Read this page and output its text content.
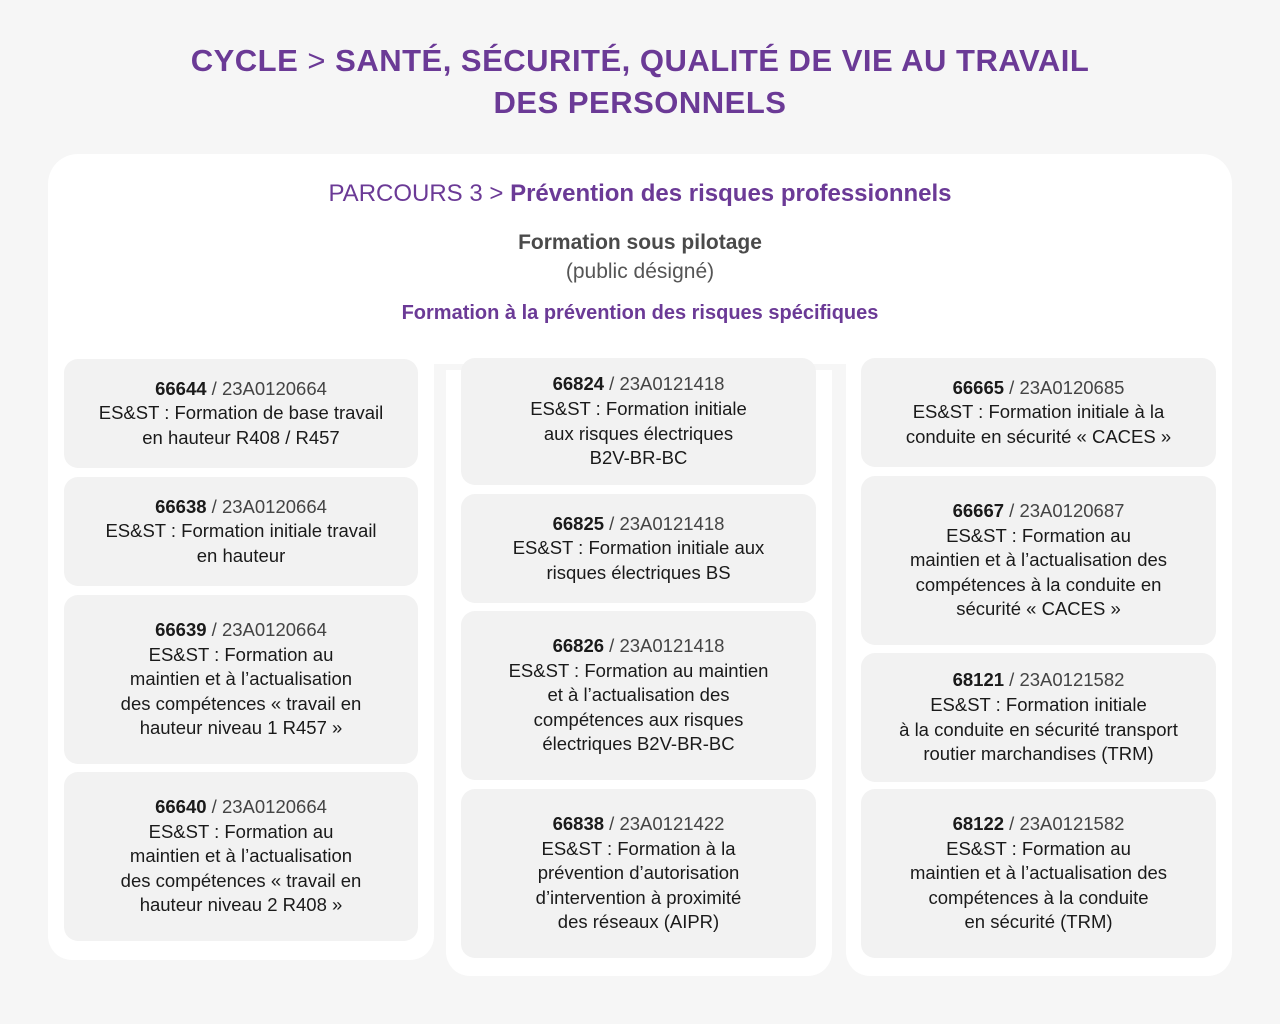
CYCLE > SANTÉ, SÉCURITÉ, QUALITÉ DE VIE AU TRAVAIL
DES PERSONNELS
PARCOURS 3 > Prévention des risques professionnels
Formation sous pilotage
(public désigné)
Formation à la prévention des risques spécifiques
66644 / 23A0120664
ES&ST : Formation de base travail
en hauteur R408 / R457
66638 / 23A0120664
ES&ST : Formation initiale travail
en hauteur
66639 / 23A0120664
ES&ST : Formation au
maintien et à l’actualisation
des compétences « travail en
hauteur niveau 1 R457 »
66640 / 23A0120664
ES&ST : Formation au
maintien et à l’actualisation
des compétences « travail en
hauteur niveau 2 R408 »
66824 / 23A0121418
ES&ST : Formation initiale
aux risques électriques
B2V-BR-BC
66825 / 23A0121418
ES&ST : Formation initiale aux
risques électriques BS
66826 / 23A0121418
ES&ST : Formation au maintien
et à l’actualisation des
compétences aux risques
électriques B2V-BR-BC
66838 / 23A0121422
ES&ST : Formation à la
prévention d’autorisation
d’intervention à proximité
des réseaux (AIPR)
66665 / 23A0120685
ES&ST : Formation initiale à la
conduite en sécurité « CACES »
66667 / 23A0120687
ES&ST : Formation au
maintien et à l’actualisation des
compétences à la conduite en
sécurité « CACES »
68121 / 23A0121582
ES&ST : Formation initiale
à la conduite en sécurité transport
routier marchandises (TRM)
68122 / 23A0121582
ES&ST : Formation au
maintien et à l’actualisation des
compétences à la conduite
en sécurité (TRM)
